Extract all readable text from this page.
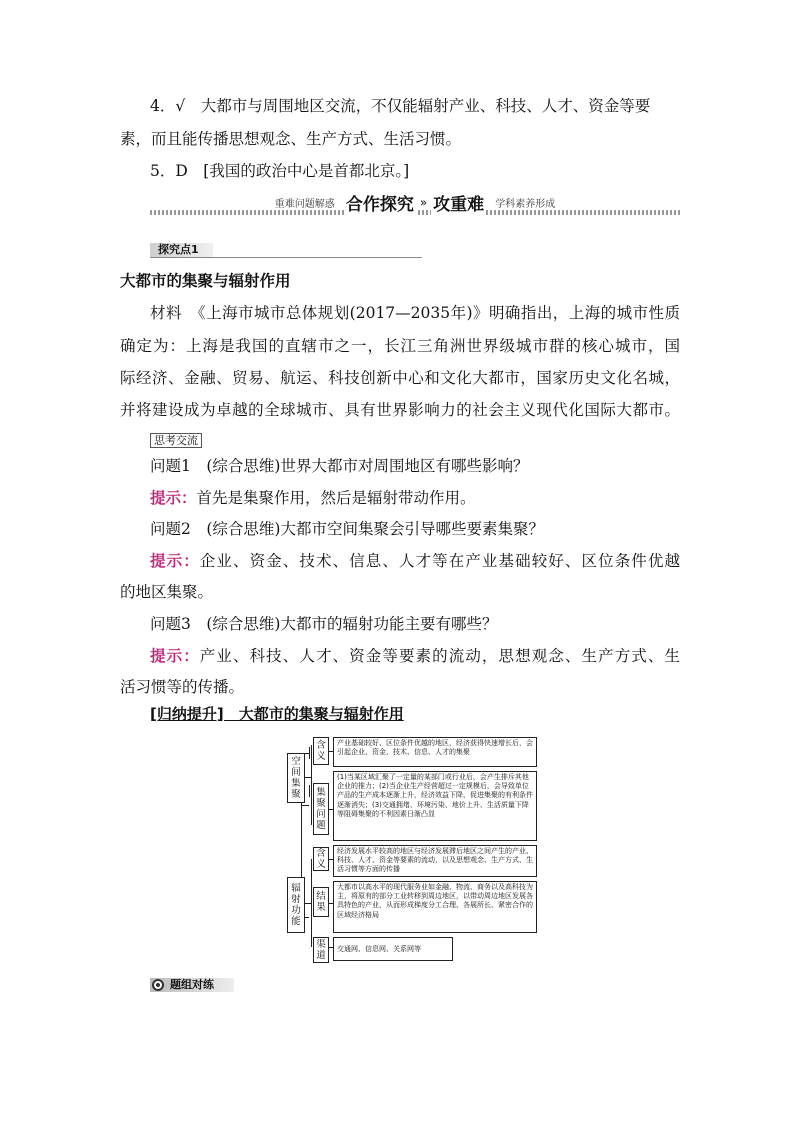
4．√　大都市与周围地区交流，不仅能辐射产业、科技、人才、资金等要
素，而且能传播思想观念、生产方式、生活习惯。
5．D　[我国的政治中心是首都北京。]
重难问题解惑 合作探究 » 攻重难 学科素养形成
探究点1
大都市的集聚与辐射作用
材料　《上海市城市总体规划(2017—2035年)》明确指出，上海的城市性质
确定为：上海是我国的直辖市之一，长江三角洲世界级城市群的核心城市，国
际经济、金融、贸易、航运、科技创新中心和文化大都市，国家历史文化名城，
并将建设成为卓越的全球城市、具有世界影响力的社会主义现代化国际大都市。
思考交流
问题1　(综合思维)世界大都市对周围地区有哪些影响？
提示：首先是集聚作用，然后是辐射带动作用。
问题2　(综合思维)大都市空间集聚会引导哪些要素集聚？
提示：企业、资金、技术、信息、人才等在产业基础较好、区位条件优越
的地区集聚。
问题3　(综合思维)大都市的辐射功能主要有哪些？
提示：产业、科技、人才、资金等要素的流动，思想观念、生产方式、生
活习惯等的传播。
[归纳提升]　大都市的集聚与辐射作用
空间集聚
含义
产业基础较好、区位条件优越的地区，经济获得快速增长后，会引起企业、资金、技术、信息、人才的集聚
集聚问题
(1)当某区域汇聚了一定量的某部门或行业后，会产生排斥其他企业的推力；(2)当企业生产经营超过一定规模后，会导致单位产品的生产成本逐渐上升，经济效益下降，促进集聚的有利条件逐渐消失；(3)交通拥堵、环境污染、地价上升、生活质量下降等阻碍集聚的不利因素日渐凸显
辐射功能
含义
经济发展水平较高的地区与经济发展滞后地区之间产生的产业、科技、人才、资金等要素的流动，以及思想观念、生产方式、生活习惯等方面的传播
结果
大都市以高水平的现代服务业如金融、物流、商务以及高科技为主，将原有的部分工业转移到周边地区，以带动周边地区发展各具特色的产业，从而形成梯度分工合理、各展所长、紧密合作的区域经济格局
渠道
交通网、信息网、关系网等
题组对练
